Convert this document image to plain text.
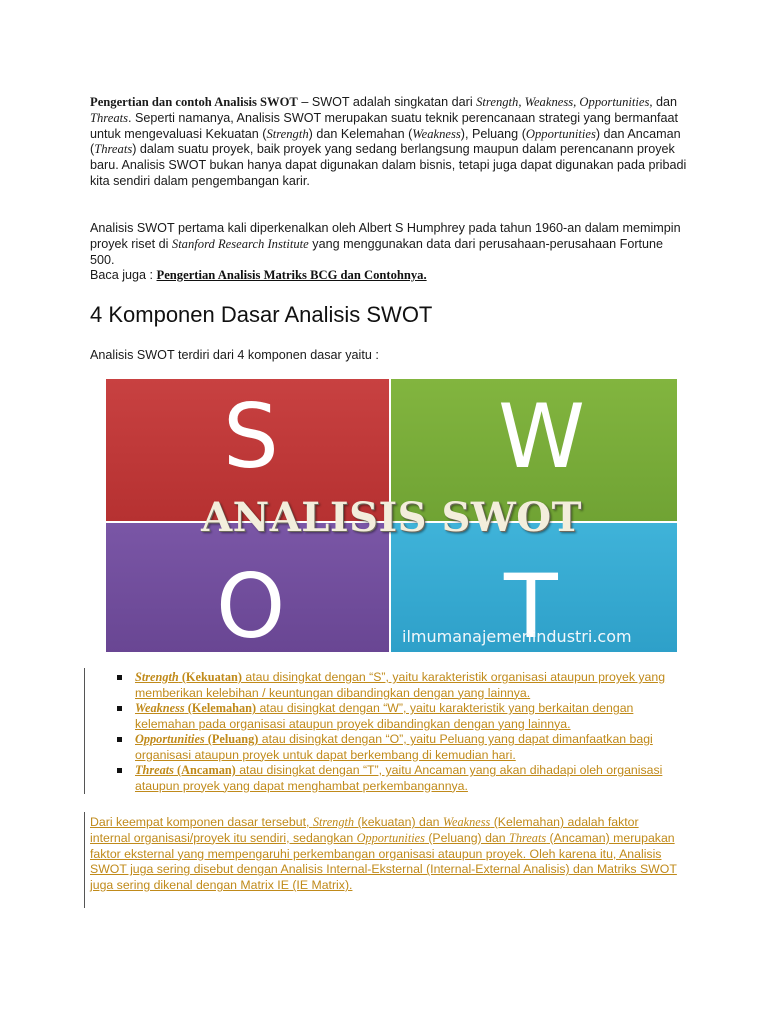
Pengertian dan contoh Analisis SWOT – SWOT adalah singkatan dari Strength, Weakness, Opportunities, dan Threats. Seperti namanya, Analisis SWOT merupakan suatu teknik perencanaan strategi yang bermanfaat untuk mengevaluasi Kekuatan (Strength) dan Kelemahan (Weakness), Peluang (Opportunities) dan Ancaman (Threats) dalam suatu proyek, baik proyek yang sedang berlangsung maupun dalam perencanann proyek baru. Analisis SWOT bukan hanya dapat digunakan dalam bisnis, tetapi juga dapat digunakan pada pribadi kita sendiri dalam pengembangan karir.

Analisis SWOT pertama kali diperkenalkan oleh Albert S Humphrey pada tahun 1960-an dalam memimpin proyek riset di Stanford Research Institute yang menggunakan data dari perusahaan-perusahaan Fortune 500.
Baca juga : Pengertian Analisis Matriks BCG dan Contohnya.

4 Komponen Dasar Analisis SWOT

Analisis SWOT terdiri dari 4 komponen dasar yaitu :

S W
O T
ANALISIS SWOT
ilmumanajemenindustri.com
Strength (Kekuatan) atau disingkat dengan “S”, yaitu karakteristik organisasi ataupun proyek yang memberikan kelebihan / keuntungan dibandingkan dengan yang lainnya.
Weakness (Kelemahan) atau disingkat dengan “W”, yaitu karakteristik yang berkaitan dengan kelemahan pada organisasi ataupun proyek dibandingkan dengan yang lainnya.
Opportunities (Peluang) atau disingkat dengan “O”, yaitu Peluang yang dapat dimanfaatkan bagi organisasi ataupun proyek untuk dapat berkembang di kemudian hari.
Threats (Ancaman) atau disingkat dengan “T”, yaitu Ancaman yang akan dihadapi oleh organisasi ataupun proyek yang dapat menghambat perkembangannya.

Dari keempat komponen dasar tersebut, Strength (kekuatan) dan Weakness (Kelemahan) adalah faktor internal organisasi/proyek itu sendiri, sedangkan Opportunities (Peluang) dan Threats (Ancaman) merupakan faktor eksternal yang mempengaruhi perkembangan organisasi ataupun proyek. Oleh karena itu, Analisis SWOT juga sering disebut dengan Analisis Internal-Eksternal (Internal-External Analisis) dan Matriks SWOT juga sering dikenal dengan Matrix IE (IE Matrix).
